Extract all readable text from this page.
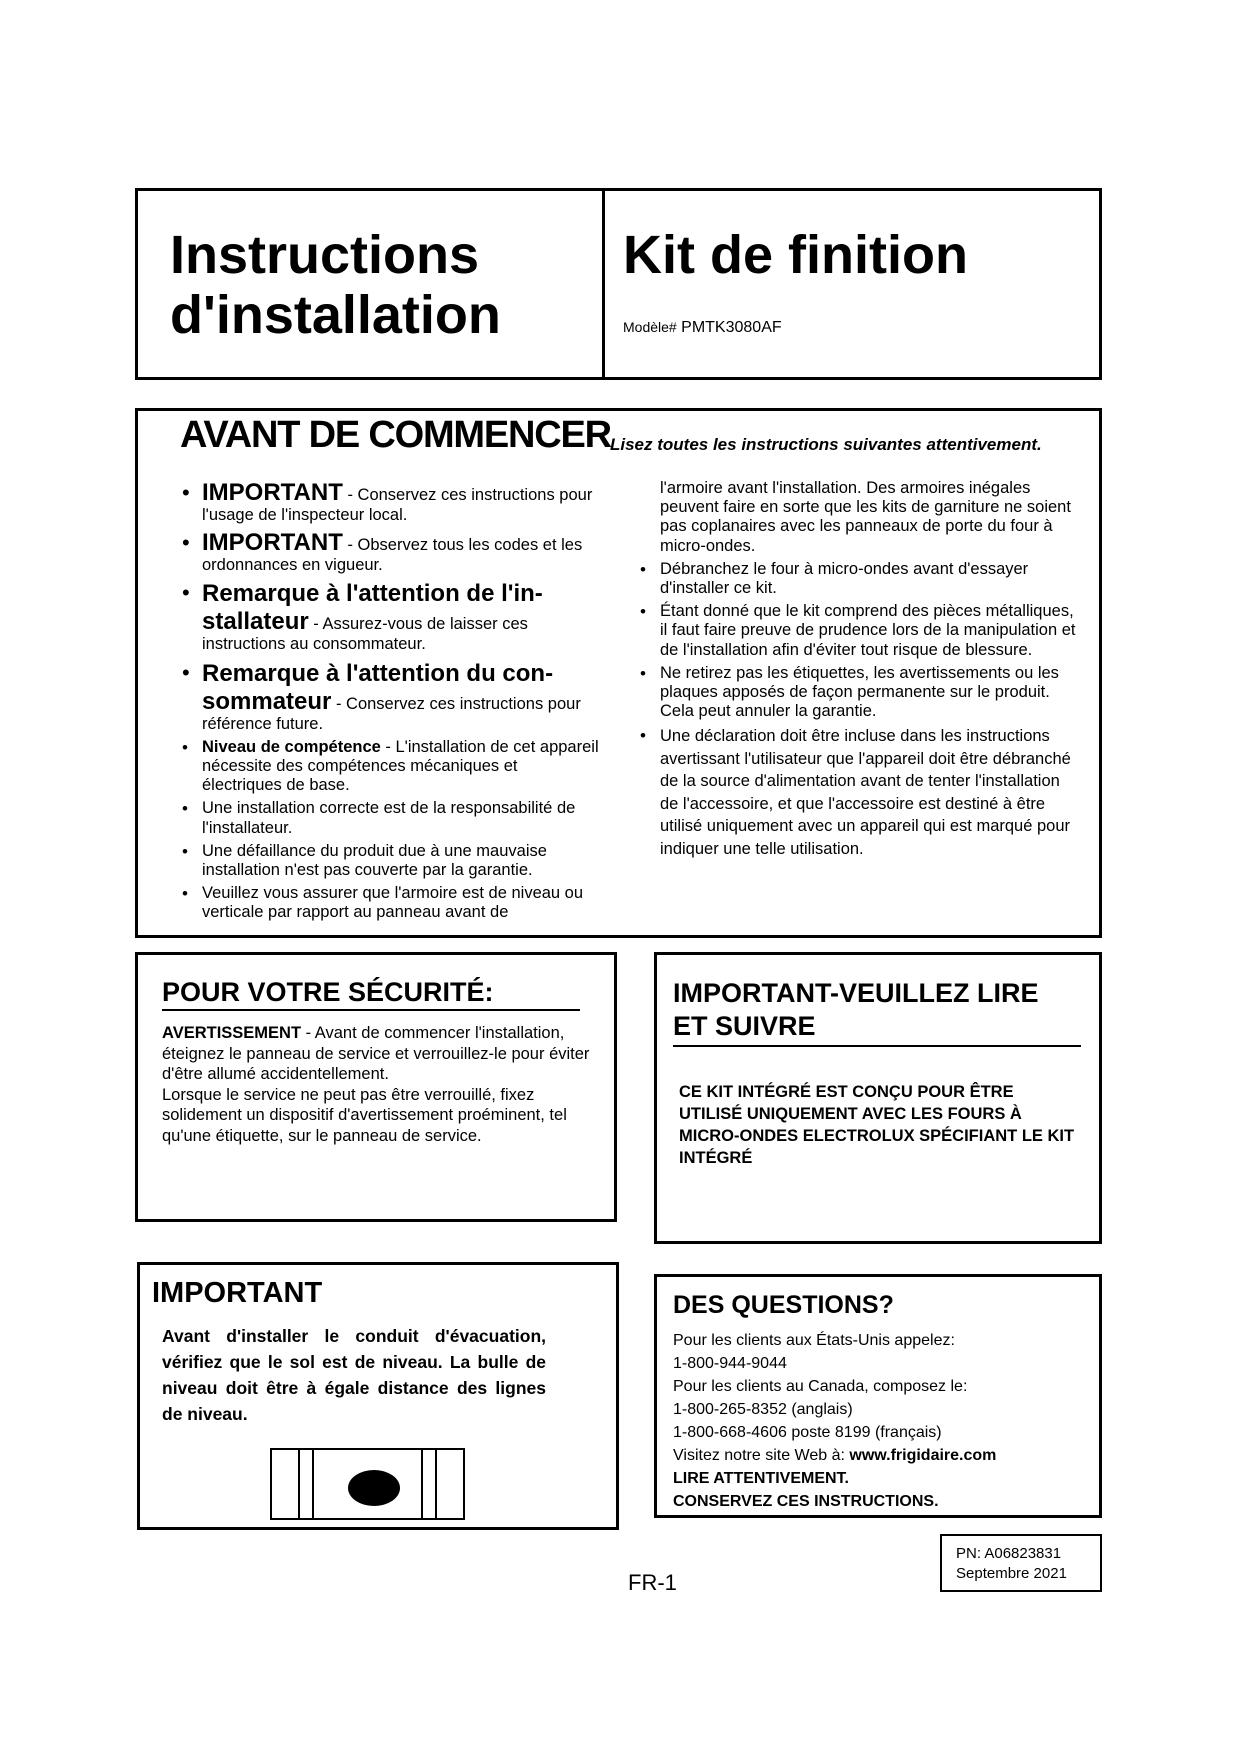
Instructions
d'installation
Kit de finition
Modèle# PMTK3080AF
AVANT DE COMMENCER Lisez toutes les instructions suivantes attentivement.
• IMPORTANT - Conservez ces instructions pour l'usage de l'inspecteur local.
• IMPORTANT - Observez tous les codes et les ordonnances en vigueur.
• Remarque à l'attention de l'in-
stallateur - Assurez-vous de laisser ces instructions au consommateur.
• Remarque à l'attention du con-
sommateur - Conservez ces instructions pour référence future.
• Niveau de compétence - L'installation de cet appareil nécessite des compétences mécaniques et électriques de base.
• Une installation correcte est de la responsabilité de l'installateur.
• Une défaillance du produit due à une mauvaise installation n'est pas couverte par la garantie.
• Veuillez vous assurer que l'armoire est de niveau ou verticale par rapport au panneau avant de
l'armoire avant l'installation. Des armoires inégales peuvent faire en sorte que les kits de garniture ne soient pas coplanaires avec les panneaux de porte du four à micro-ondes.
• Débranchez le four à micro-ondes avant d'essayer d'installer ce kit.
• Étant donné que le kit comprend des pièces métalliques, il faut faire preuve de prudence lors de la manipulation et de l'installation afin d'éviter tout risque de blessure.
• Ne retirez pas les étiquettes, les avertissements ou les plaques apposés de façon permanente sur le produit. Cela peut annuler la garantie.
• Une déclaration doit être incluse dans les instructions avertissant l'utilisateur que l'appareil doit être débranché de la source d'alimentation avant de tenter l'installation de l'accessoire, et que l'accessoire est destiné à être utilisé uniquement avec un appareil qui est marqué pour indiquer une telle utilisation.
POUR VOTRE SÉCURITÉ:
AVERTISSEMENT - Avant de commencer l'installation, éteignez le panneau de service et verrouillez-le pour éviter d'être allumé accidentellement.
Lorsque le service ne peut pas être verrouillé, fixez solidement un dispositif d'avertissement proéminent, tel qu'une étiquette, sur le panneau de service.
IMPORTANT-VEUILLEZ LIRE
ET SUIVRE
CE KIT INTÉGRÉ EST CONÇU POUR ÊTRE UTILISÉ UNIQUEMENT AVEC LES FOURS À MICRO-ONDES ELECTROLUX SPÉCIFIANT LE KIT INTÉGRÉ
IMPORTANT
Avant d'installer le conduit d'évacuation, vérifiez que le sol est de niveau. La bulle de niveau doit être à égale distance des lignes de niveau.
DES QUESTIONS?
Pour les clients aux États-Unis appelez:
1-800-944-9044
Pour les clients au Canada, composez le:
1-800-265-8352 (anglais)
1-800-668-4606 poste 8199 (français)
Visitez notre site Web à: www.frigidaire.com
LIRE ATTENTIVEMENT.
CONSERVEZ CES INSTRUCTIONS.
PN: A06823831
Septembre 2021
FR-1
